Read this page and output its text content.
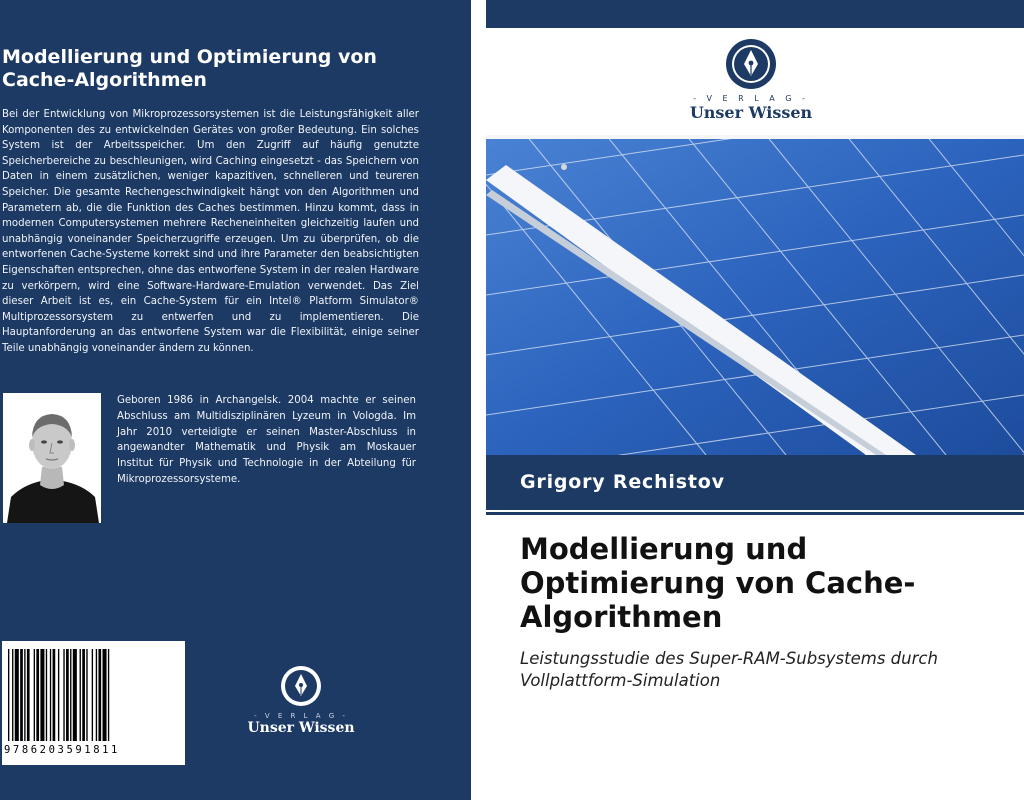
Modellierung und Optimierung von Cache-Algorithmen

Bei der Entwicklung von Mikroprozessorsystemen ist die Leistungsfähigkeit aller Komponenten des zu entwickelnden Gerätes von großer Bedeutung. Ein solches System ist der Arbeitsspeicher. Um den Zugriff auf häufig genutzte Speicherbereiche zu beschleunigen, wird Caching eingesetzt - das Speichern von Daten in einem zusätzlichen, weniger kapazitiven, schnelleren und teureren Speicher. Die gesamte Rechengeschwindigkeit hängt von den Algorithmen und Parametern ab, die die Funktion des Caches bestimmen. Hinzu kommt, dass in modernen Computersystemen mehrere Recheneinheiten gleichzeitig laufen und unabhängig voneinander Speicherzugriffe erzeugen. Um zu überprüfen, ob die entworfenen Cache-Systeme korrekt sind und ihre Parameter den beabsichtigten Eigenschaften entsprechen, ohne das entworfene System in der realen Hardware zu verkörpern, wird eine Software-Hardware-Emulation verwendet. Das Ziel dieser Arbeit ist es, ein Cache-System für ein Intel® Platform Simulator® Multiprozessorsystem zu entwerfen und zu implementieren. Die Hauptanforderung an das entworfene System war die Flexibilität, einige seiner Teile unabhängig voneinander ändern zu können.

Geboren 1986 in Archangelsk. 2004 machte er seinen Abschluss am Multidisziplinären Lyzeum in Vologda. Im Jahr 2010 verteidigte er seinen Master-Abschluss in angewandter Mathematik und Physik am Moskauer Institut für Physik und Technologie in der Abteilung für Mikroprozessorsysteme.

9786203591811
- V E R L A G -
Unser Wissen
- V E R L A G -
Unser Wissen
Grigory Rechistov
Modellierung und Optimierung von Cache-Algorithmen

Leistungsstudie des Super-RAM-Subsystems durch Vollplattform-Simulation
